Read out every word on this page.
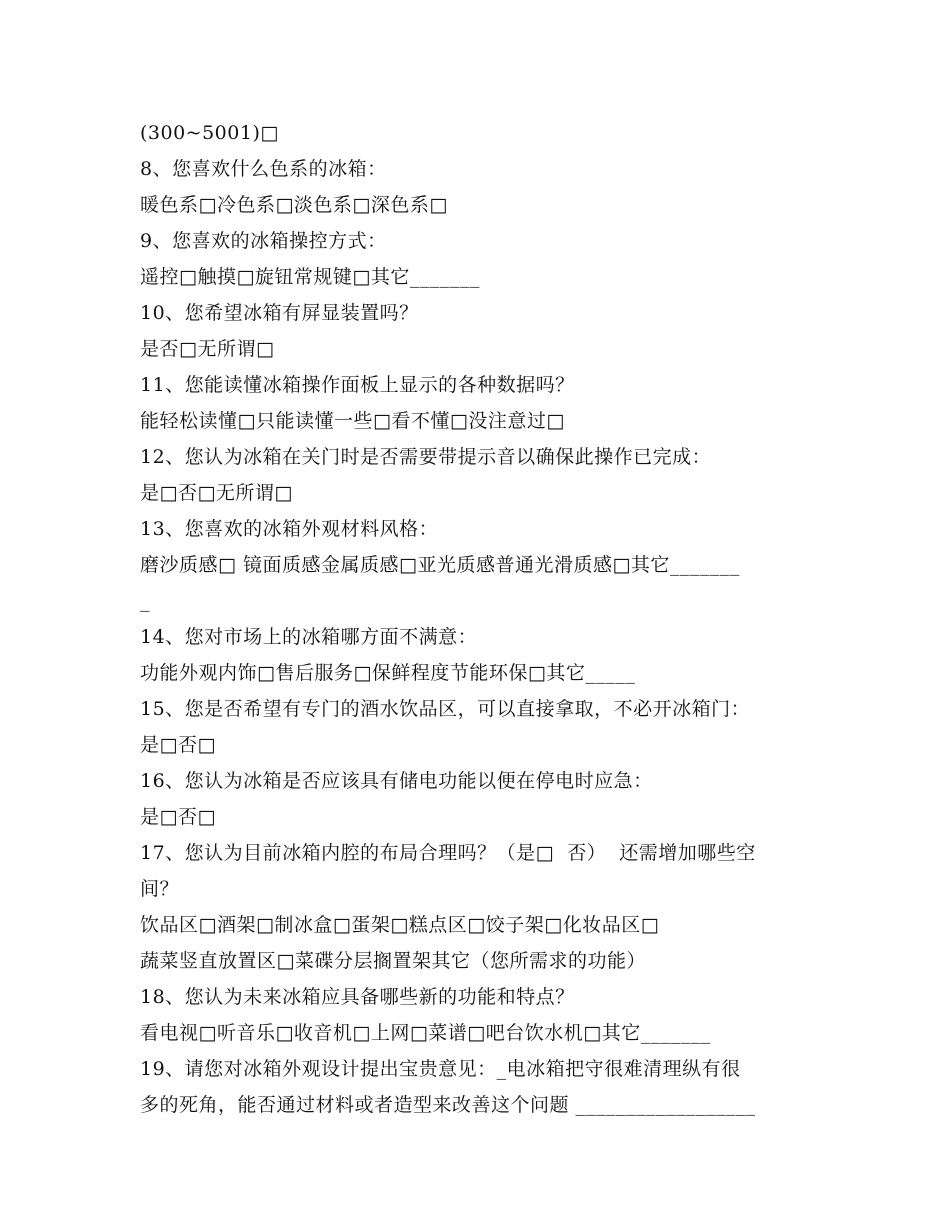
(300~5001)□
8、您喜欢什么色系的冰箱：
暖色系□冷色系□淡色系□深色系□
9、您喜欢的冰箱操控方式：
遥控□触摸□旋钮常规键□其它_______
10、您希望冰箱有屏显装置吗？
是否□无所谓□
11、您能读懂冰箱操作面板上显示的各种数据吗？
能轻松读懂□只能读懂一些□看不懂□没注意过□
12、您认为冰箱在关门时是否需要带提示音以确保此操作已完成：
是□否□无所谓□
13、您喜欢的冰箱外观材料风格：
磨沙质感□ 镜面质感金属质感□亚光质感普通光滑质感□其它_______
_
14、您对市场上的冰箱哪方面不满意：
功能外观内饰□售后服务□保鲜程度节能环保□其它_____
15、您是否希望有专门的酒水饮品区，可以直接拿取，不必开冰箱门：
是□否□
16、您认为冰箱是否应该具有储电功能以便在停电时应急：
是□否□
17、您认为目前冰箱内腔的布局合理吗？（是□  否）  还需增加哪些空
间？
饮品区□酒架□制冰盒□蛋架□糕点区□饺子架□化妆品区□
蔬菜竖直放置区□菜碟分层搁置架其它（您所需求的功能）
18、您认为未来冰箱应具备哪些新的功能和特点？
看电视□听音乐□收音机□上网□菜谱□吧台饮水机□其它_______
19、请您对冰箱外观设计提出宝贵意见：_电冰箱把守很难清理纵有很
多的死角，能否通过材料或者造型来改善这个问题 __________________
